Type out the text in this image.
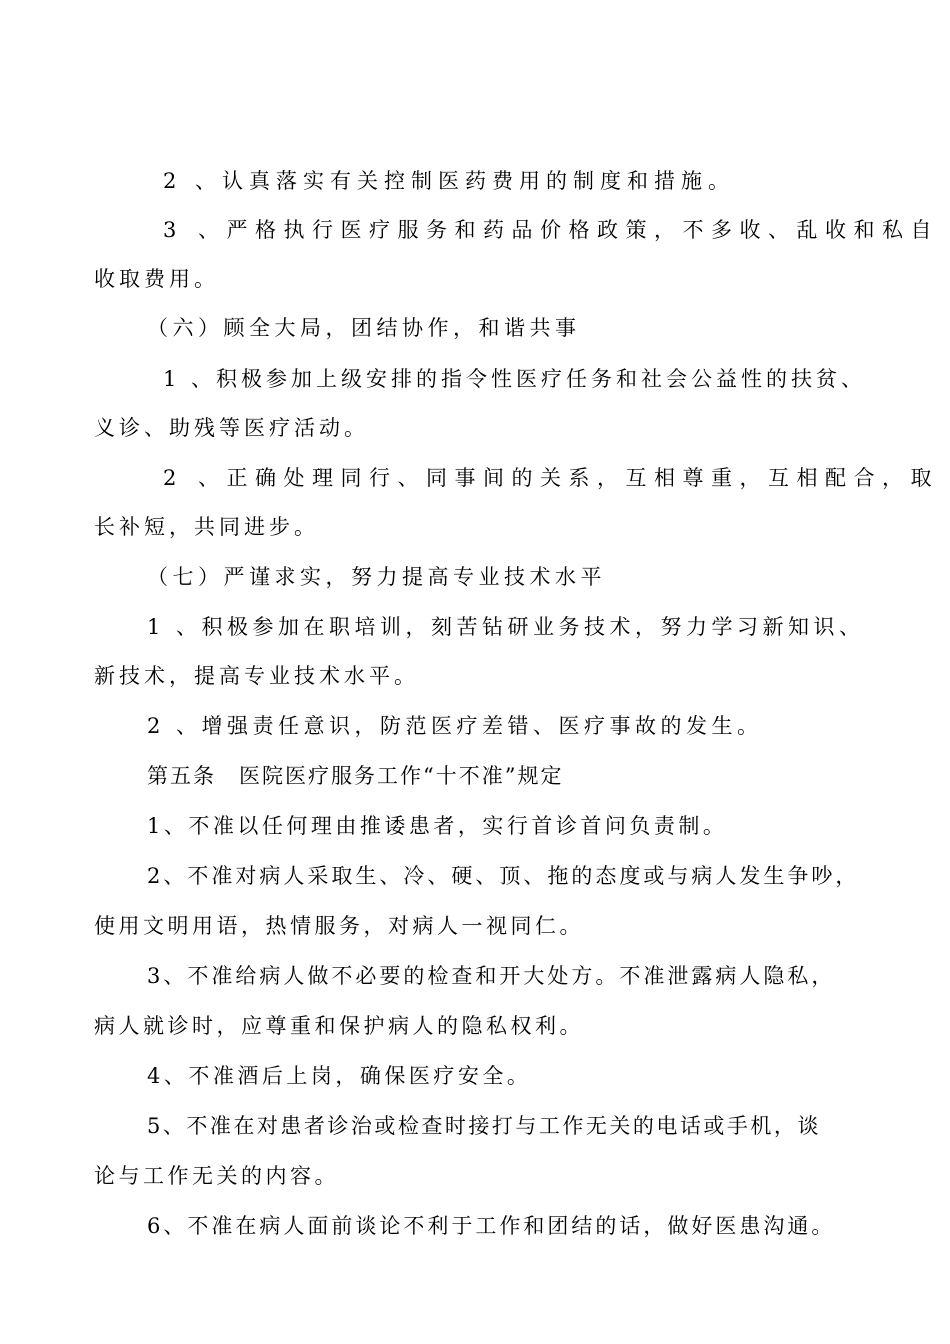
2 、认真落实有关控制医药费用的制度和措施。
3 、严格执行医疗服务和药品价格政策，不多收、乱收和私自
收取费用。
（六）顾全大局，团结协作，和谐共事
1 、积极参加上级安排的指令性医疗任务和社会公益性的扶贫、
义诊、助残等医疗活动。
2 、正确处理同行、同事间的关系，互相尊重，互相配合，取
长补短，共同进步。
（七）严谨求实，努力提高专业技术水平
1 、积极参加在职培训，刻苦钻研业务技术，努力学习新知识、
新技术，提高专业技术水平。
2 、增强责任意识，防范医疗差错、医疗事故的发生。
第五条　医院医疗服务工作“十不准”规定
1、不准以任何理由推诿患者，实行首诊首问负责制。
2、不准对病人采取生、冷、硬、顶、拖的态度或与病人发生争吵，
使用文明用语，热情服务，对病人一视同仁。
3、不准给病人做不必要的检查和开大处方。不准泄露病人隐私，
病人就诊时，应尊重和保护病人的隐私权利。
4、不准酒后上岗，确保医疗安全。
5、不准在对患者诊治或检查时接打与工作无关的电话或手机，谈
论与工作无关的内容。
6、不准在病人面前谈论不利于工作和团结的话，做好医患沟通。
